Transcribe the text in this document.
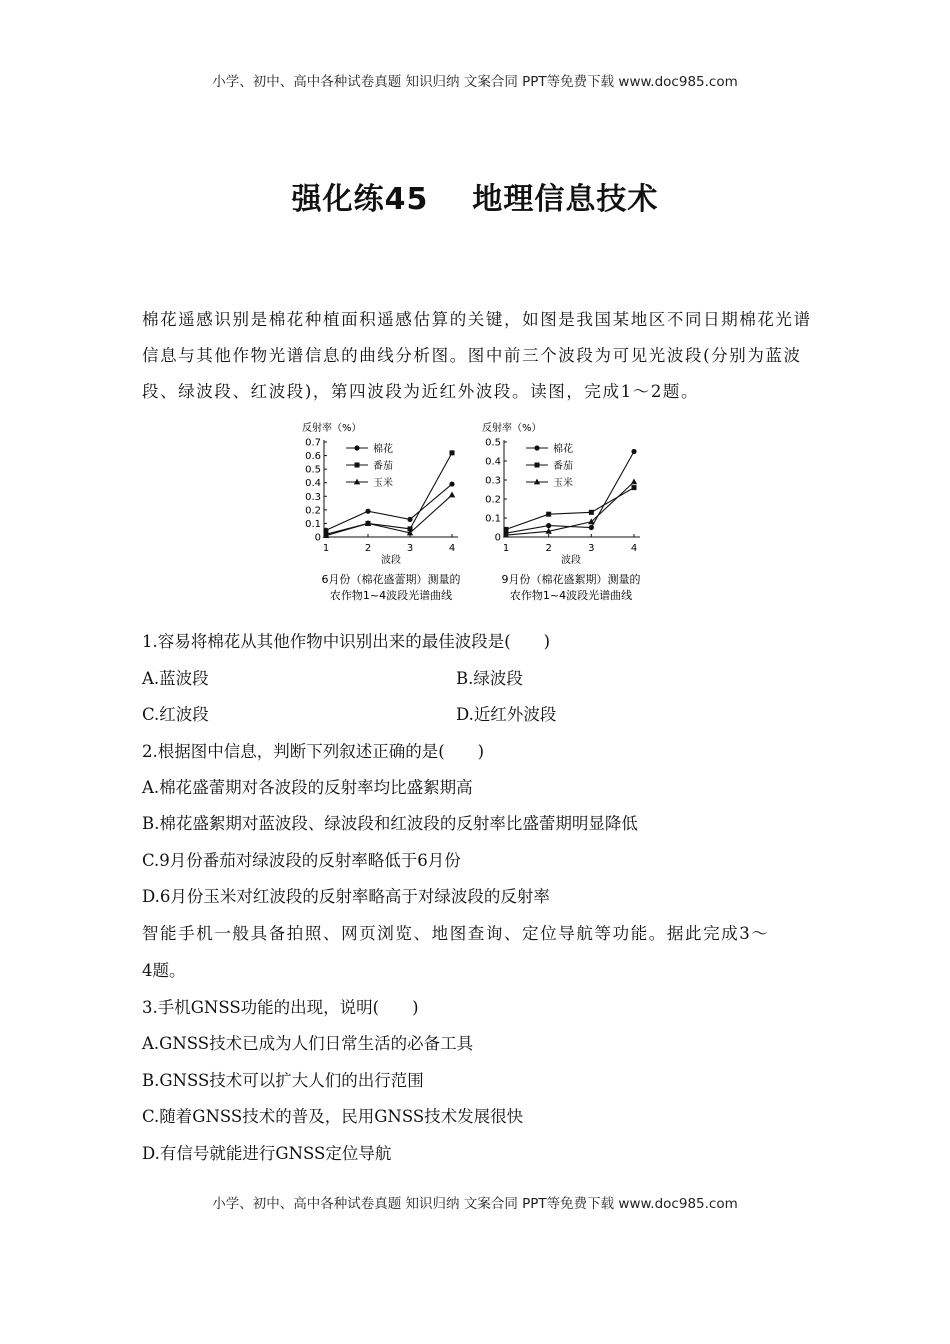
小学、初中、高中各种试卷真题 知识归纳 文案合同 PPT等免费下载 www.doc985.com
强化练45 地理信息技术
棉花遥感识别是棉花种植面积遥感估算的关键，如图是我国某地区不同日期棉花光谱信息与其他作物光谱信息的曲线分析图。图中前三个波段为可见光波段(分别为蓝波段、绿波段、红波段)，第四波段为近红外波段。读图，完成1～2题。
反射率（%）
0.7
0.6
0.5
0.4
0.3
0.2
0.1
0
1	2	3	4
棉花
番茄
玉米
波段
6月份（棉花盛蕾期）测量的
农作物1~4波段光谱曲线
反射率（%）
0.5
0.4
0.3
0.2
0.1
0
1	2	3	4
棉花
番茄
玉米
波段
9月份（棉花盛絮期）测量的
农作物1~4波段光谱曲线
1.容易将棉花从其他作物中识别出来的最佳波段是(　　)
A.蓝波段	B.绿波段
C.红波段	D.近红外波段
2.根据图中信息，判断下列叙述正确的是(　　)
A.棉花盛蕾期对各波段的反射率均比盛絮期高
B.棉花盛絮期对蓝波段、绿波段和红波段的反射率比盛蕾期明显降低
C.9月份番茄对绿波段的反射率略低于6月份
D.6月份玉米对红波段的反射率略高于对绿波段的反射率
智能手机一般具备拍照、网页浏览、地图查询、定位导航等功能。据此完成3～
4题。
3.手机GNSS功能的出现，说明(　　)
A.GNSS技术已成为人们日常生活的必备工具
B.GNSS技术可以扩大人们的出行范围
C.随着GNSS技术的普及，民用GNSS技术发展很快
D.有信号就能进行GNSS定位导航
小学、初中、高中各种试卷真题 知识归纳 文案合同 PPT等免费下载 www.doc985.com
